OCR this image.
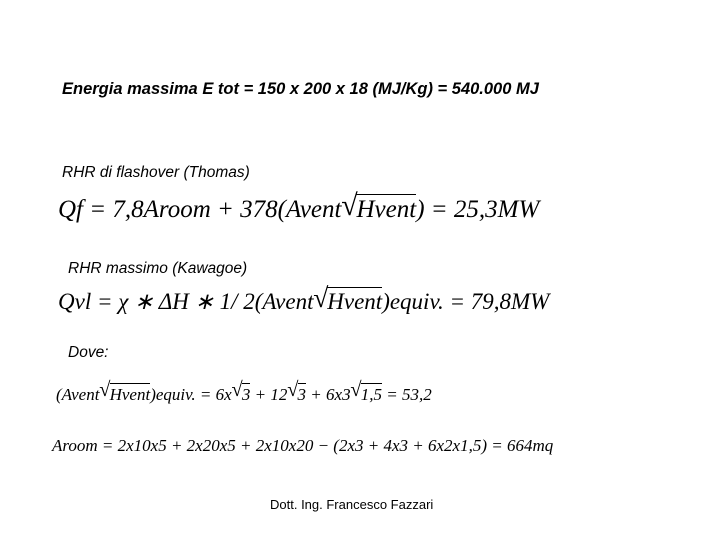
Energia massima E tot = 150 x 200 x 18 (MJ/Kg) = 540.000 MJ
RHR di flashover (Thomas)
Qf = 7,8Aroom + 378(Avent √ Hvent) = 25,3MW
RHR massimo (Kawagoe)
Qvl = χ ∗ ΔH ∗ 1/ 2(Avent √ Hvent)equiv. = 79,8MW
Dove:
(Avent √ Hvent)equiv. = 6x √ 3 + 12 √ 3 + 6x3 √ 1,5 = 53,2
Aroom = 2x10x5 + 2x20x5 + 2x10x20 − (2x3 + 4x3 + 6x2x1,5) = 664mq
Dott. Ing. Francesco Fazzari
